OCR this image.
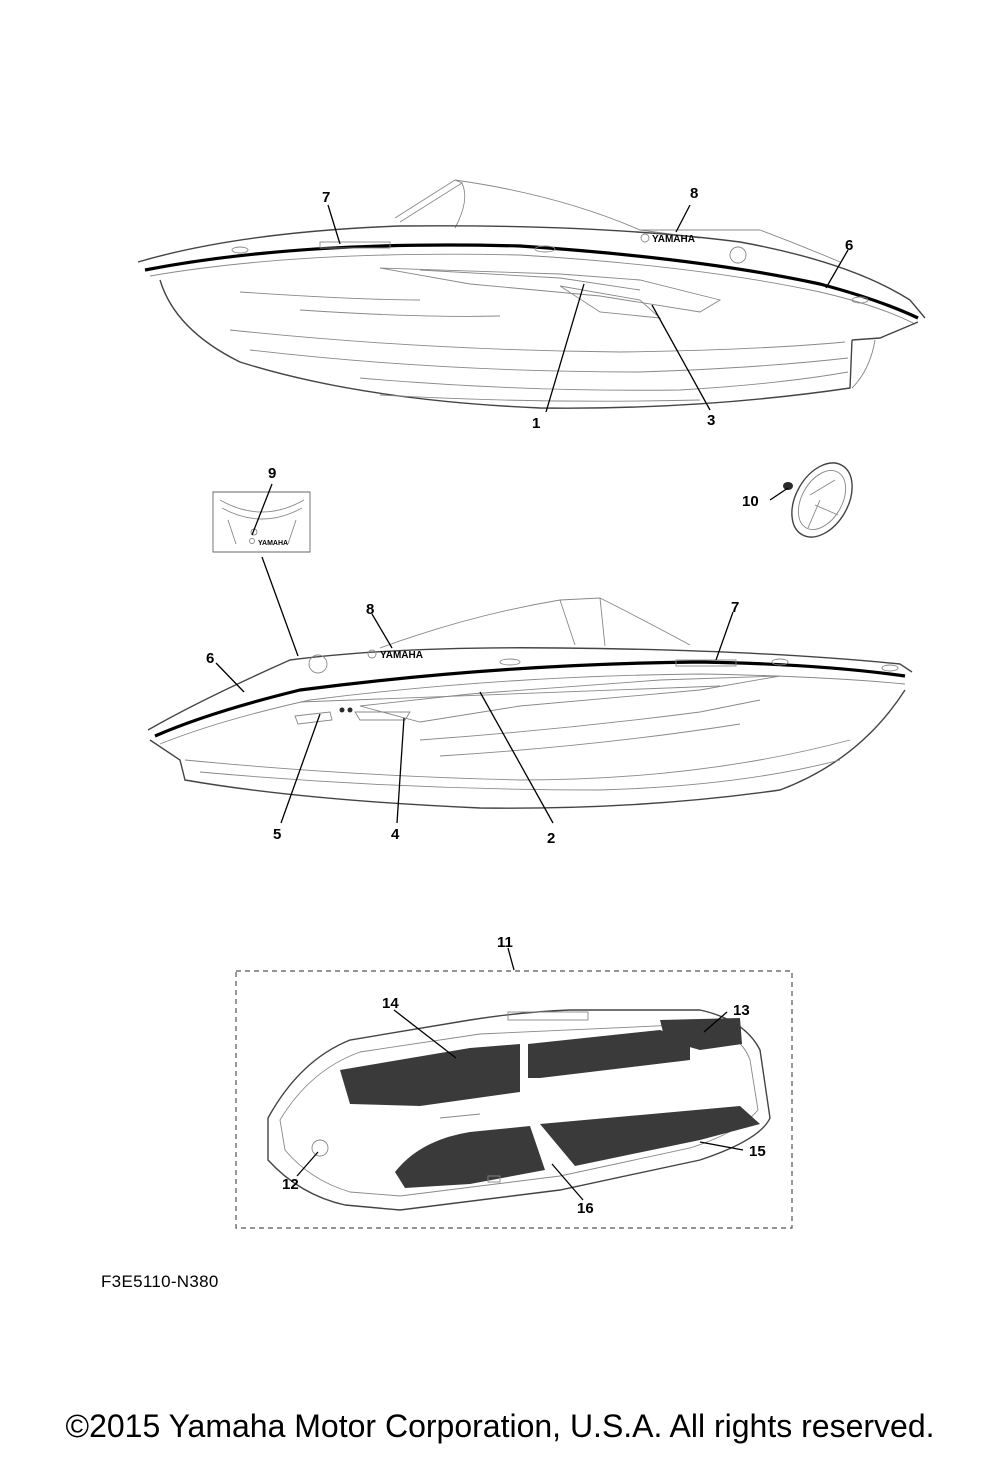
YAMAHA
YAMAHA
YAMAHA
7	8
6
1	3
9
10
8	7
6
5	4	2
11
14	13
15
12
16
F3E5110-N380
©2015 Yamaha Motor Corporation, U.S.A. All rights reserved.
